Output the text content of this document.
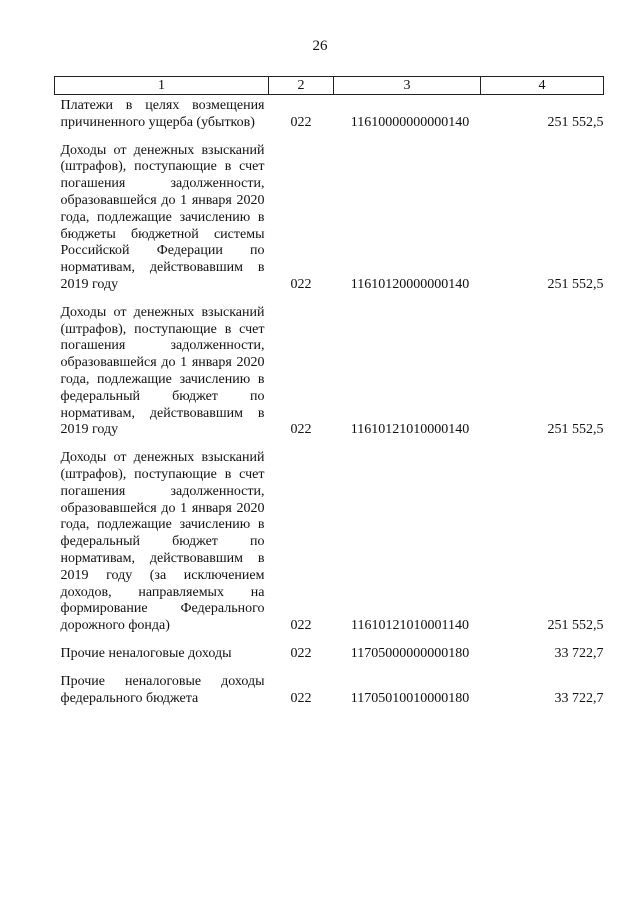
26
1	2	3	4
Платежи в целях возмещения причиненного ущерба (убытков)	022	11610000000000140	251 552,5

Доходы от денежных взысканий (штрафов), поступающие в счет погашения задолженности, образовавшейся до 1 января 2020 года, подлежащие зачислению в бюджеты бюджетной системы Российской Федерации по нормативам, действовавшим в 2019 году	022	11610120000000140	251 552,5

Доходы от денежных взысканий (штрафов), поступающие в счет погашения задолженности, образовавшейся до 1 января 2020 года, подлежащие зачислению в федеральный бюджет по нормативам, действовавшим в 2019 году	022	11610121010000140	251 552,5

Доходы от денежных взысканий (штрафов), поступающие в счет погашения задолженности, образовавшейся до 1 января 2020 года, подлежащие зачислению в федеральный бюджет по нормативам, действовавшим в 2019 году (за исключением доходов, направляемых на формирование Федерального дорожного фонда)	022	11610121010001140	251 552,5

Прочие неналоговые доходы	022	11705000000000180	33 722,7

Прочие неналоговые доходы федерального бюджета	022	11705010010000180	33 722,7
